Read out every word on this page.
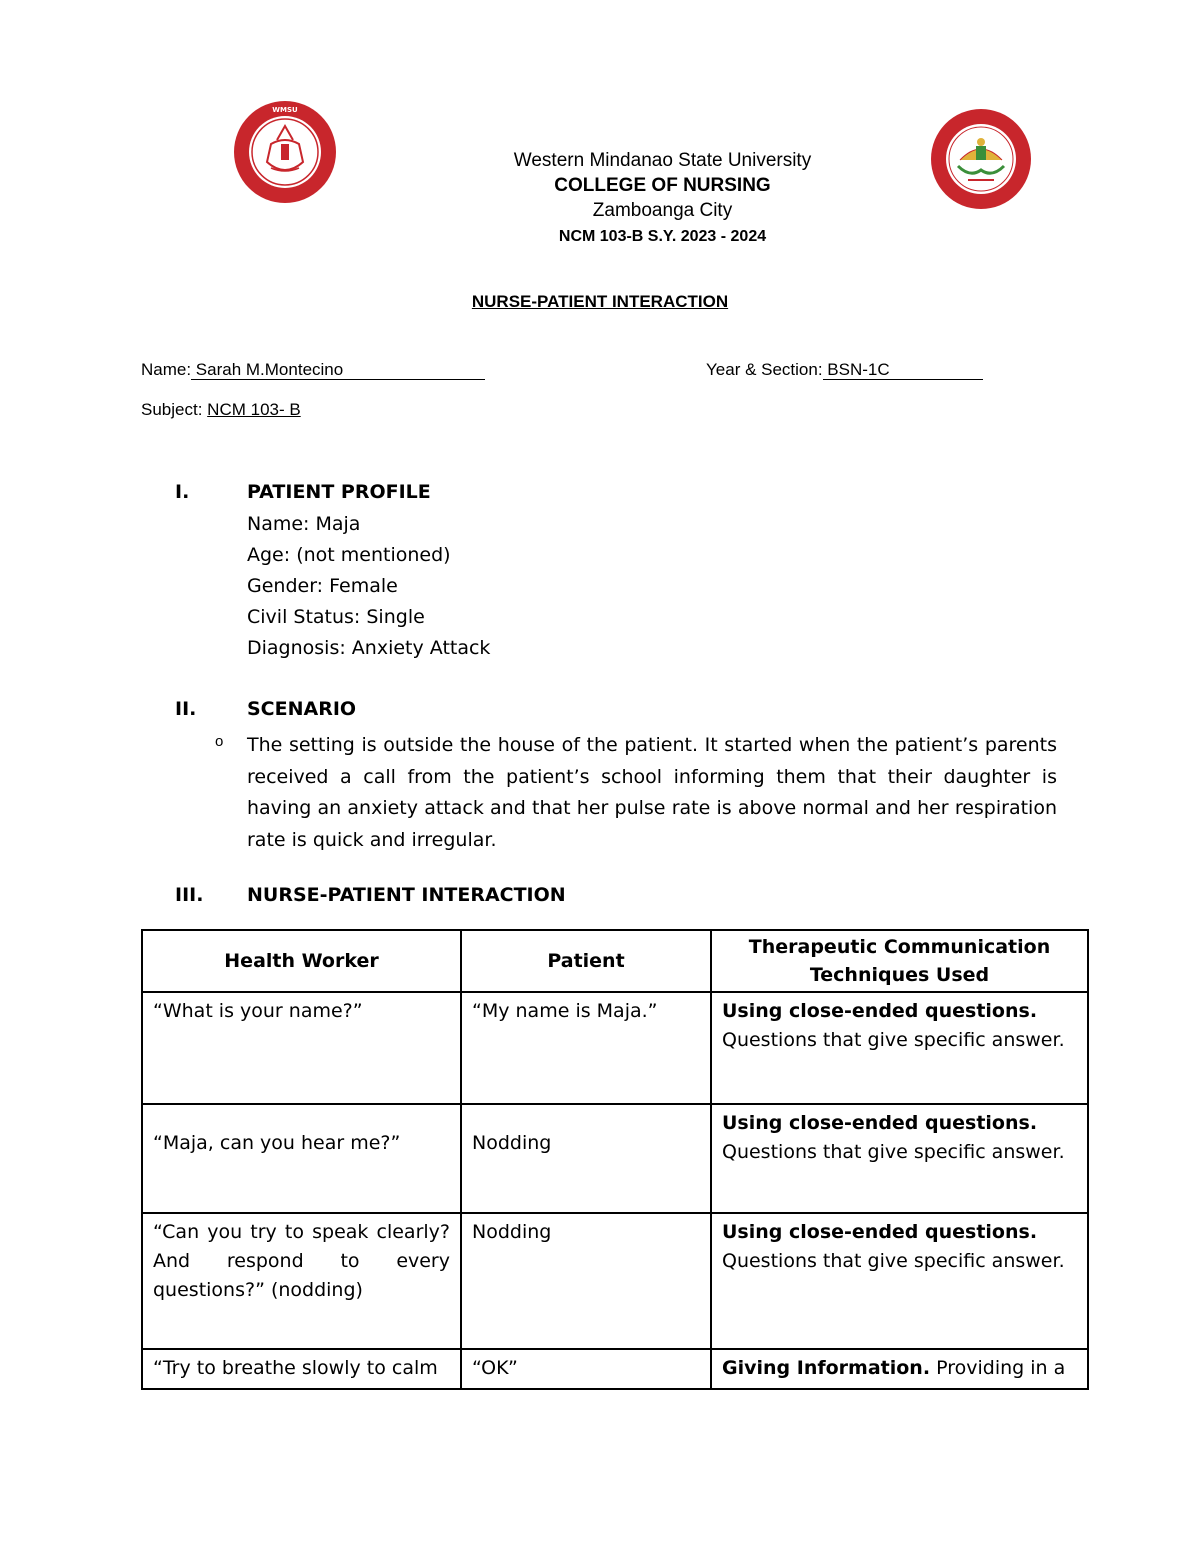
WMSU
Western Mindanao State University
COLLEGE OF NURSING
Zamboanga City
NCM 103-B S.Y. 2023 - 2024
NURSE-PATIENT INTERACTION
Name: Sarah M.Montecino	Year & Section: BSN-1C
Subject: NCM 103- B
I.	PATIENT PROFILE
Name: Maja
Age: (not mentioned)
Gender: Female
Civil Status: Single
Diagnosis: Anxiety Attack
II.	SCENARIO
o The setting is outside the house of the patient. It started when the patient’s parents received a call from the patient’s school informing them that their daughter is having an anxiety attack and that her pulse rate is above normal and her respiration rate is quick and irregular.
III. NURSE-PATIENT INTERACTION
Health Worker	Patient	Therapeutic Communication Techniques Used
“What is your name?”	“My name is Maja.”	Using close-ended questions.
Questions that give specific answer.
“Maja, can you hear me?”	Nodding	Using close-ended questions.
Questions that give specific answer.
“Can you try to speak clearly? And respond to every questions?” (nodding)	Nodding	Using close-ended questions.
Questions that give specific answer.
“Try to breathe slowly to calm	“OK”	Giving Information. Providing in a
